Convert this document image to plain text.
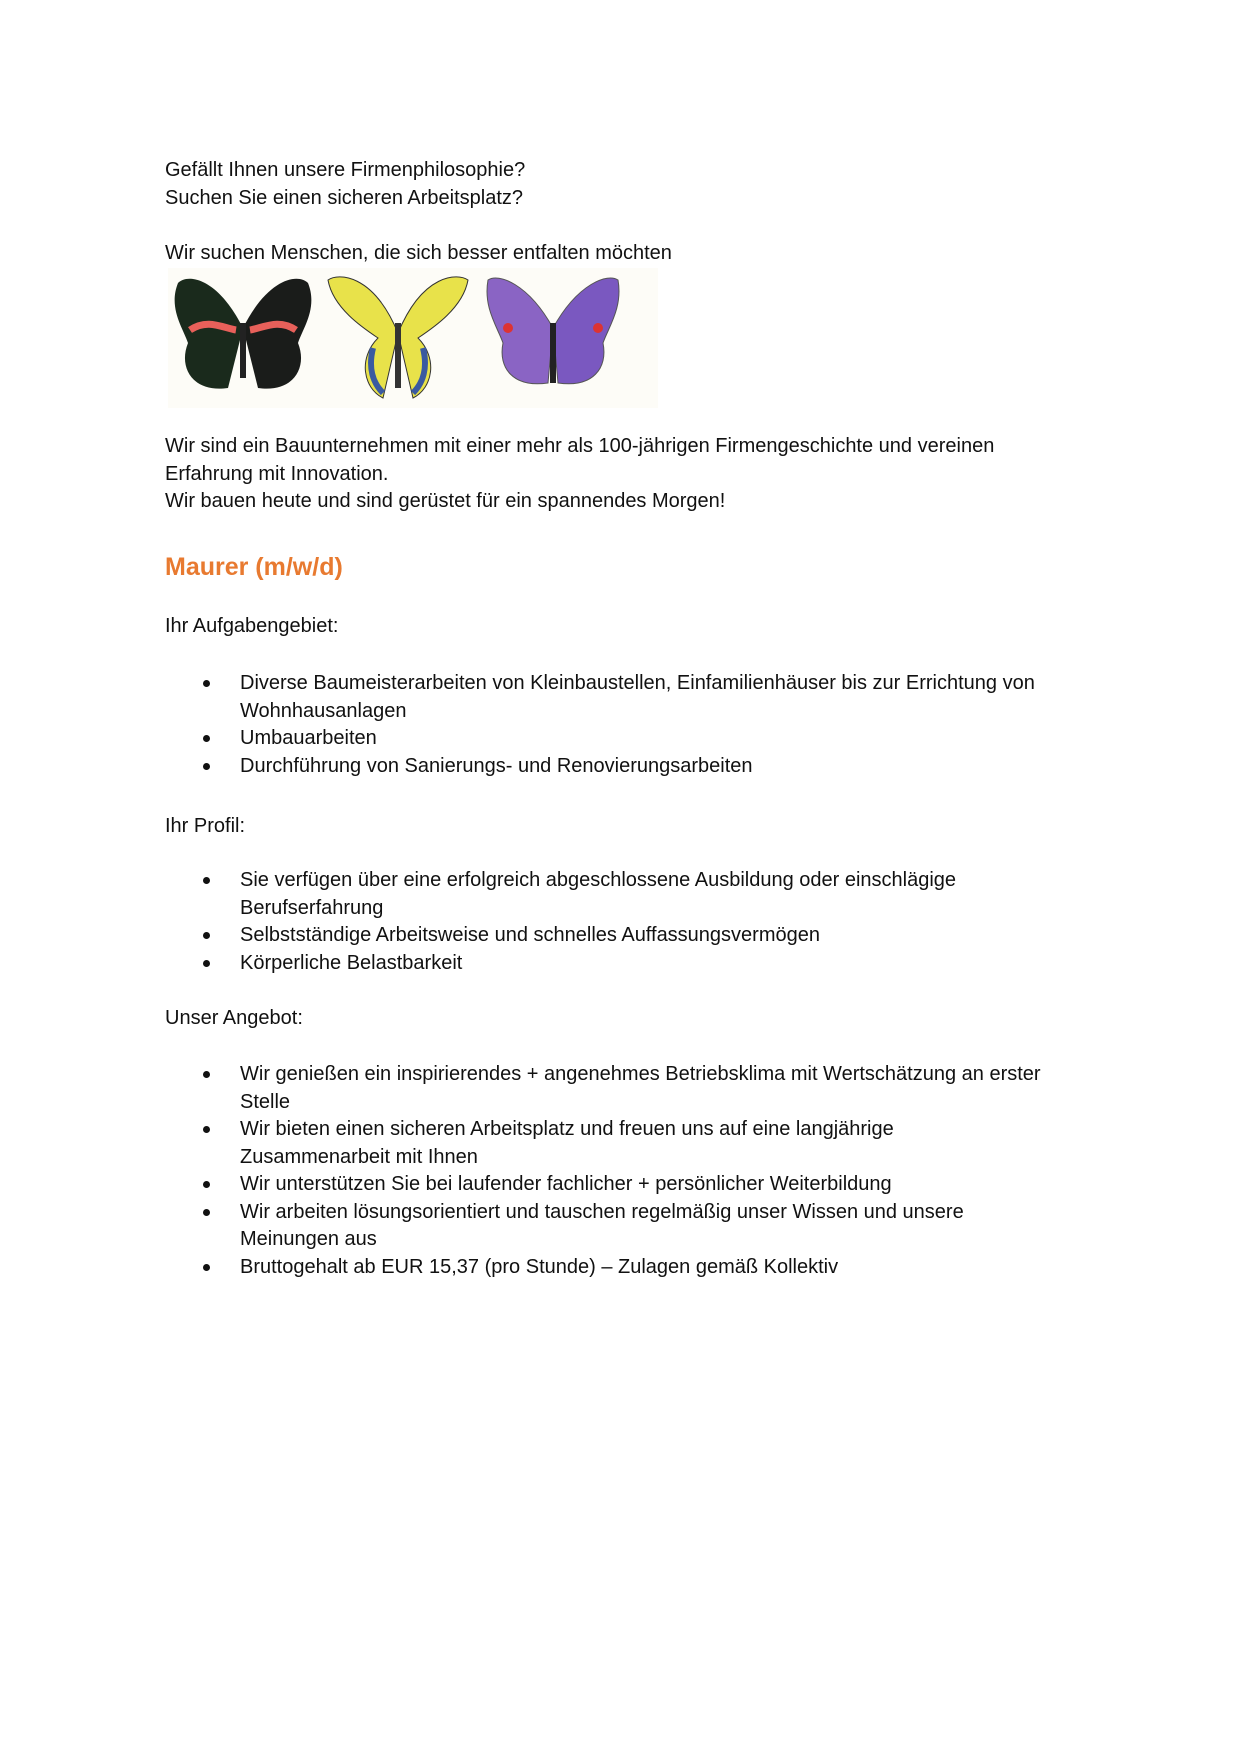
Gefällt Ihnen unsere Firmenphilosophie?
Suchen Sie einen sicheren Arbeitsplatz?
Wir suchen Menschen, die sich besser entfalten möchten
Wir sind ein Bauunternehmen mit einer mehr als 100-jährigen Firmengeschichte und vereinen
Erfahrung mit Innovation.
Wir bauen heute und sind gerüstet für ein spannendes Morgen!
Maurer (m/w/d)
Ihr Aufgabengebiet:
Diverse Baumeisterarbeiten von Kleinbaustellen, Einfamilienhäuser bis zur Errichtung von
Wohnhausanlagen
Umbauarbeiten
Durchführung von Sanierungs- und Renovierungsarbeiten
Ihr Profil:
Sie verfügen über eine erfolgreich abgeschlossene Ausbildung oder einschlägige
Berufserfahrung
Selbstständige Arbeitsweise und schnelles Auffassungsvermögen
Körperliche Belastbarkeit
Unser Angebot:
Wir genießen ein inspirierendes + angenehmes Betriebsklima mit Wertschätzung an erster
Stelle
Wir bieten einen sicheren Arbeitsplatz und freuen uns auf eine langjährige
Zusammenarbeit mit Ihnen
Wir unterstützen Sie bei laufender fachlicher + persönlicher Weiterbildung
Wir arbeiten lösungsorientiert und tauschen regelmäßig unser Wissen und unsere
Meinungen aus
Bruttogehalt ab EUR 15,37 (pro Stunde) – Zulagen gemäß Kollektiv
